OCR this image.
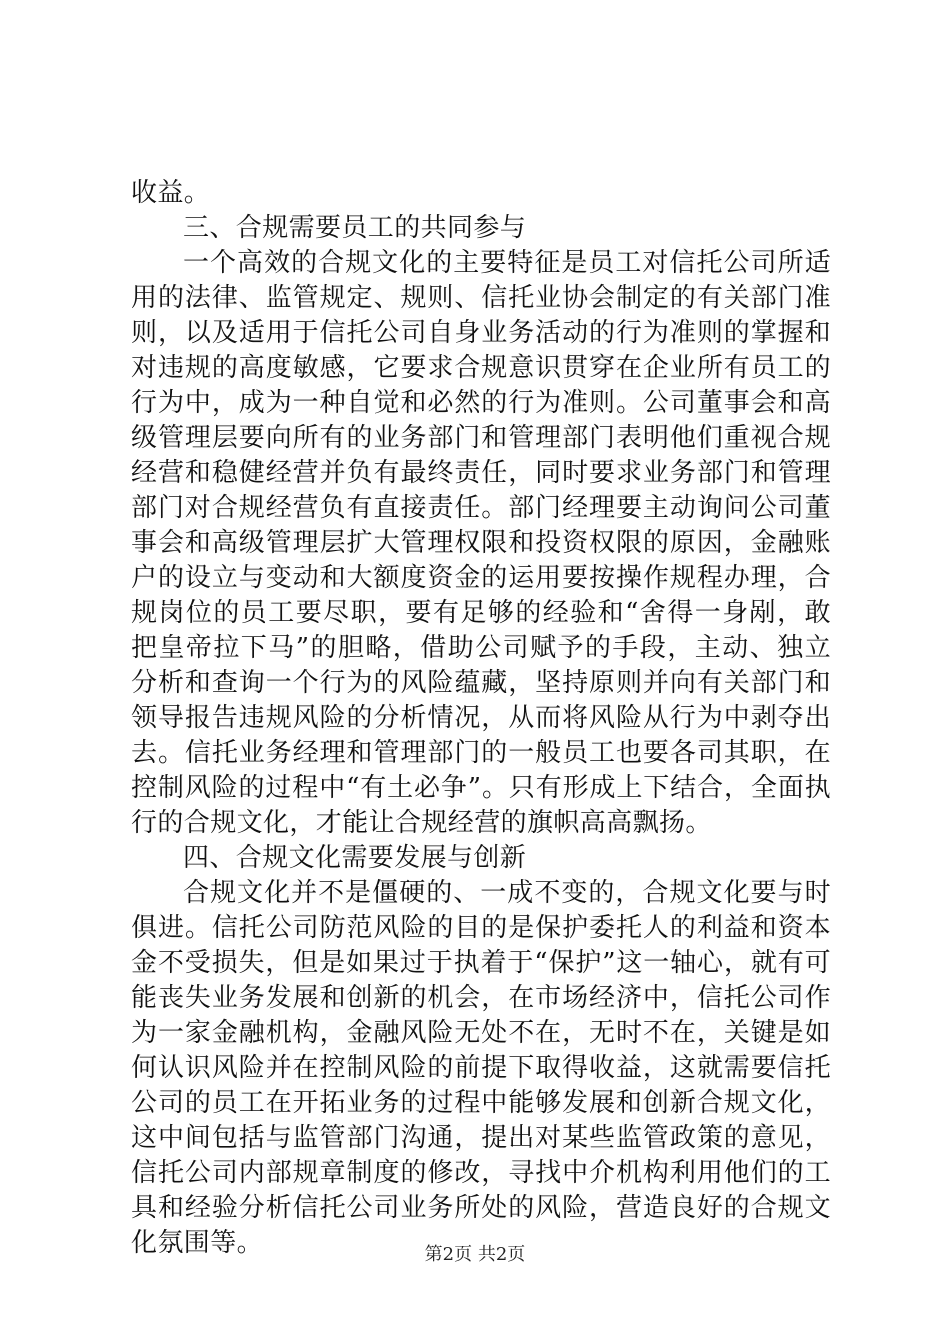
收益。

三、合规需要员工的共同参与

一个高效的合规文化的主要特征是员工对信托公司所适用的法律、监管规定、规则、信托业协会制定的有关部门准则，以及适用于信托公司自身业务活动的行为准则的掌握和对违规的高度敏感，它要求合规意识贯穿在企业所有员工的行为中，成为一种自觉和必然的行为准则。公司董事会和高级管理层要向所有的业务部门和管理部门表明他们重视合规经营和稳健经营并负有最终责任，同时要求业务部门和管理部门对合规经营负有直接责任。部门经理要主动询问公司董事会和高级管理层扩大管理权限和投资权限的原因，金融账户的设立与变动和大额度资金的运用要按操作规程办理，合规岗位的员工要尽职，要有足够的经验和“舍得一身剐，敢把皇帝拉下马”的胆略，借助公司赋予的手段，主动、独立分析和查询一个行为的风险蕴藏，坚持原则并向有关部门和领导报告违规风险的分析情况，从而将风险从行为中剥夺出去。信托业务经理和管理部门的一般员工也要各司其职，在控制风险的过程中“有土必争”。只有形成上下结合，全面执行的合规文化，才能让合规经营的旗帜高高飘扬。

四、合规文化需要发展与创新

合规文化并不是僵硬的、一成不变的，合规文化要与时俱进。信托公司防范风险的目的是保护委托人的利益和资本金不受损失，但是如果过于执着于“保护”这一轴心，就有可能丧失业务发展和创新的机会，在市场经济中，信托公司作为一家金融机构，金融风险无处不在，无时不在，关键是如何认识风险并在控制风险的前提下取得收益，这就需要信托公司的员工在开拓业务的过程中能够发展和创新合规文化，这中间包括与监管部门沟通，提出对某些监管政策的意见，信托公司内部规章制度的修改，寻找中介机构利用他们的工具和经验分析信托公司业务所处的风险，营造良好的合规文化氛围等。	第2页 共2页
